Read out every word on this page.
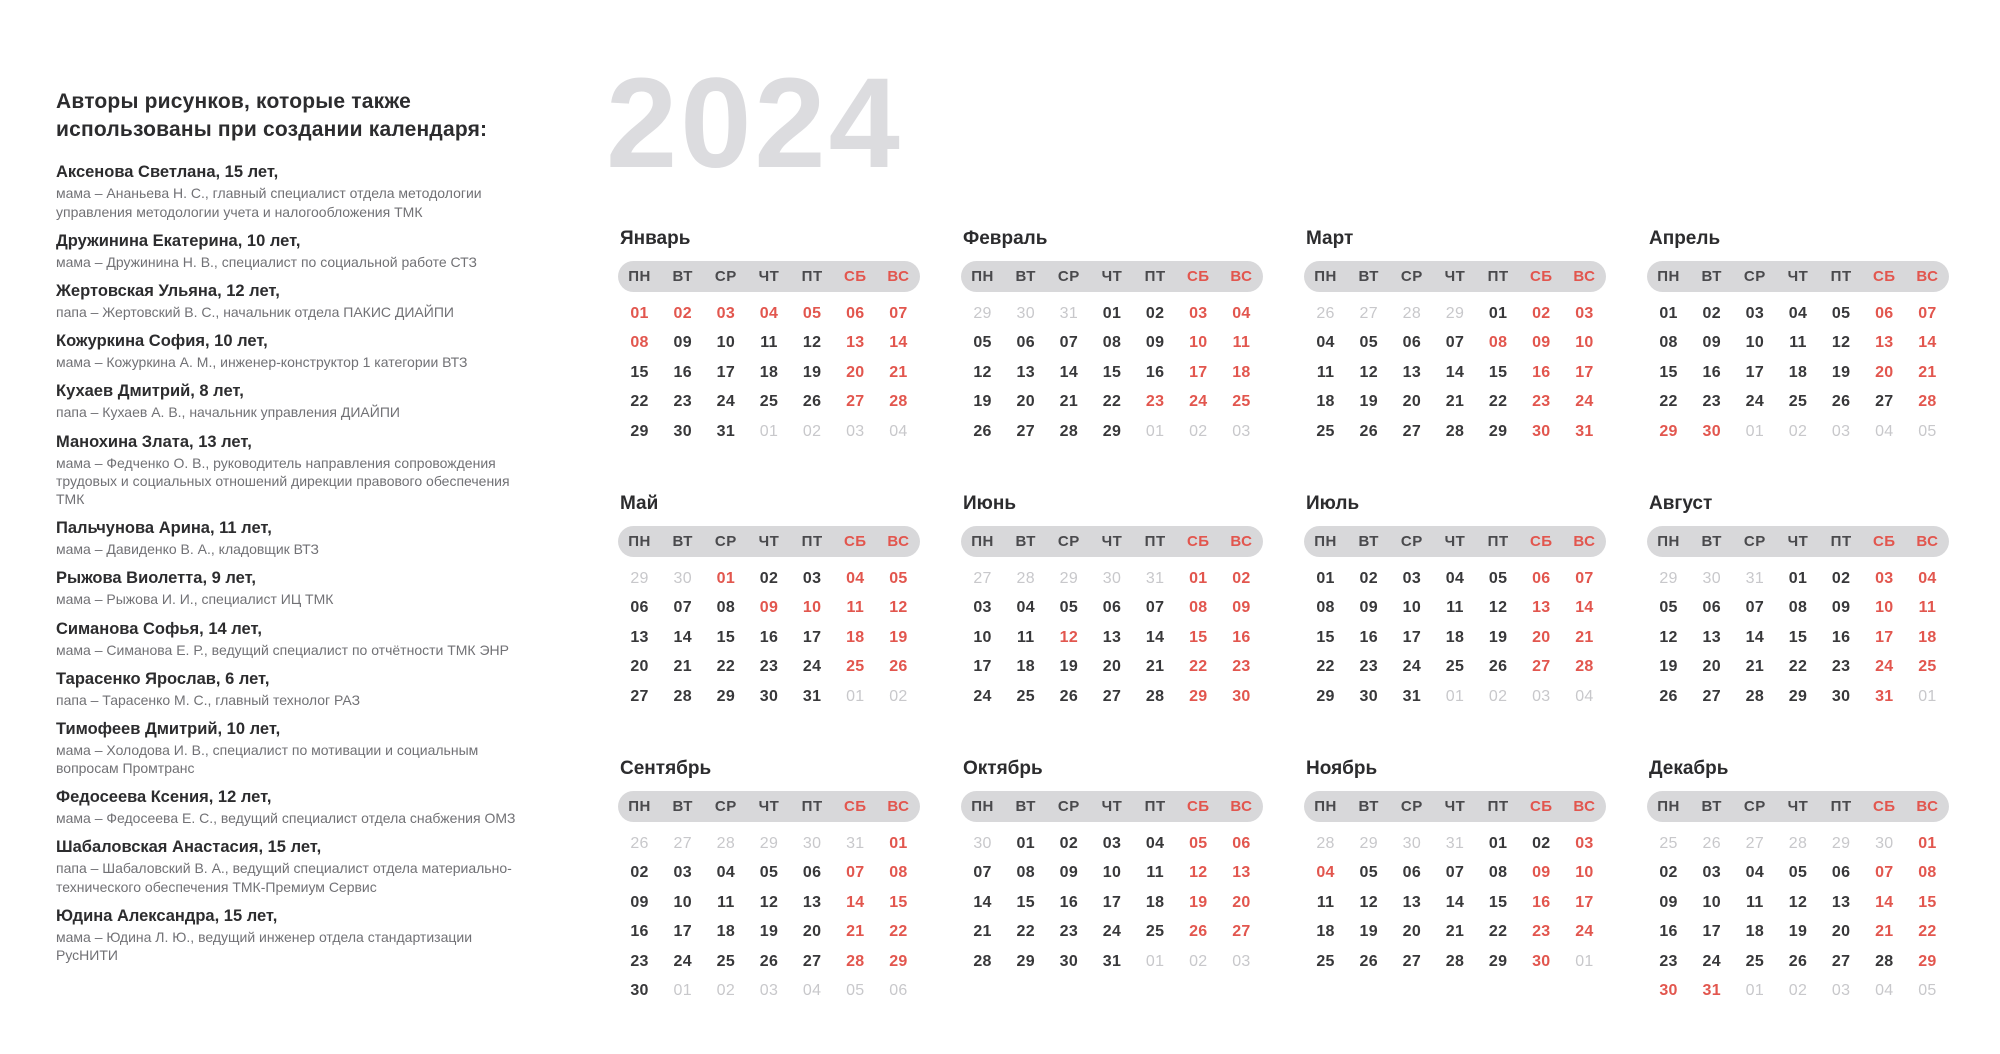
Авторы рисунков, которые также использованы при создании календаря:
Аксенова Светлана, 15 лет,
мама – Ананьева Н. С., главный специалист отдела методологии управления методологии учета и налогообложения ТМК
Дружинина Екатерина, 10 лет,
мама – Дружинина Н. В., специалист по социальной работе СТЗ
Жертовская Ульяна, 12 лет,
папа – Жертовский В. С., начальник отдела ПАКИС ДИАЙПИ
Кожуркина София, 10 лет,
мама – Кожуркина А. М., инженер-конструктор 1 категории ВТЗ
Кухаев Дмитрий, 8 лет,
папа – Кухаев А. В., начальник управления ДИАЙПИ
Манохина Злата, 13 лет,
мама – Федченко О. В., руководитель направления сопровождения трудовых и социальных отношений дирекции правового обеспечения ТМК
Пальчунова Арина, 11 лет,
мама – Давиденко В. А., кладовщик ВТЗ
Рыжова Виолетта, 9 лет,
мама – Рыжова И. И., специалист ИЦ ТМК
Симанова Софья, 14 лет,
мама – Симанова Е. Р., ведущий специалист по отчётности ТМК ЭНР
Тарасенко Ярослав, 6 лет,
папа – Тарасенко М. С., главный технолог РАЗ
Тимофеев Дмитрий, 10 лет,
мама – Холодова И. В., специалист по мотивации и социальным вопросам Промтранс
Федосеева Ксения, 12 лет,
мама – Федосеева Е. С., ведущий специалист отдела снабжения ОМЗ
Шабаловская Анастасия, 15 лет,
папа – Шабаловский В. А., ведущий специалист отдела материально-технического обеспечения ТМК-Премиум Сервис
Юдина Александра, 15 лет,
мама – Юдина Л. Ю., ведущий инженер отдела стандартизации РусНИТИ
2024
Январь
ПН ВТ СР ЧТ ПТ СБ ВС
01	02	03	04	05	06	07
08	09	10	11	12	13	14
15	16	17	18	19	20	21
22	23	24	25	26	27	28
29	30	31	01	02	03	04
Февраль
ПН ВТ СР ЧТ ПТ СБ ВС
29	30	31	01	02	03	04
05	06	07	08	09	10	11
12	13	14	15	16	17	18
19	20	21	22	23	24	25
26	27	28	29	01	02	03
Март
ПН ВТ СР ЧТ ПТ СБ ВС
26	27	28	29	01	02	03
04	05	06	07	08	09	10
11	12	13	14	15	16	17
18	19	20	21	22	23	24
25	26	27	28	29	30	31
Апрель
ПН ВТ СР ЧТ ПТ СБ ВС
01	02	03	04	05	06	07
08	09	10	11	12	13	14
15	16	17	18	19	20	21
22	23	24	25	26	27	28
29	30	01	02	03	04	05
Май
ПН ВТ СР ЧТ ПТ СБ ВС
29	30	01	02	03	04	05
06	07	08	09	10	11	12
13	14	15	16	17	18	19
20	21	22	23	24	25	26
27	28	29	30	31	01	02
Июнь
ПН ВТ СР ЧТ ПТ СБ ВС
27	28	29	30	31	01	02
03	04	05	06	07	08	09
10	11	12	13	14	15	16
17	18	19	20	21	22	23
24	25	26	27	28	29	30
Июль
ПН ВТ СР ЧТ ПТ СБ ВС
01	02	03	04	05	06	07
08	09	10	11	12	13	14
15	16	17	18	19	20	21
22	23	24	25	26	27	28
29	30	31	01	02	03	04
Август
ПН ВТ СР ЧТ ПТ СБ ВС
29	30	31	01	02	03	04
05	06	07	08	09	10	11
12	13	14	15	16	17	18
19	20	21	22	23	24	25
26	27	28	29	30	31	01
Сентябрь
ПН ВТ СР ЧТ ПТ СБ ВС
26	27	28	29	30	31	01
02	03	04	05	06	07	08
09	10	11	12	13	14	15
16	17	18	19	20	21	22
23	24	25	26	27	28	29
30	01	02	03	04	05	06
Октябрь
ПН ВТ СР ЧТ ПТ СБ ВС
30	01	02	03	04	05	06
07	08	09	10	11	12	13
14	15	16	17	18	19	20
21	22	23	24	25	26	27
28	29	30	31	01	02	03
Ноябрь
ПН ВТ СР ЧТ ПТ СБ ВС
28	29	30	31	01	02	03
04	05	06	07	08	09	10
11	12	13	14	15	16	17
18	19	20	21	22	23	24
25	26	27	28	29	30	01
Декабрь
ПН ВТ СР ЧТ ПТ СБ ВС
25	26	27	28	29	30	01
02	03	04	05	06	07	08
09	10	11	12	13	14	15
16	17	18	19	20	21	22
23	24	25	26	27	28	29
30	31	01	02	03	04	05
